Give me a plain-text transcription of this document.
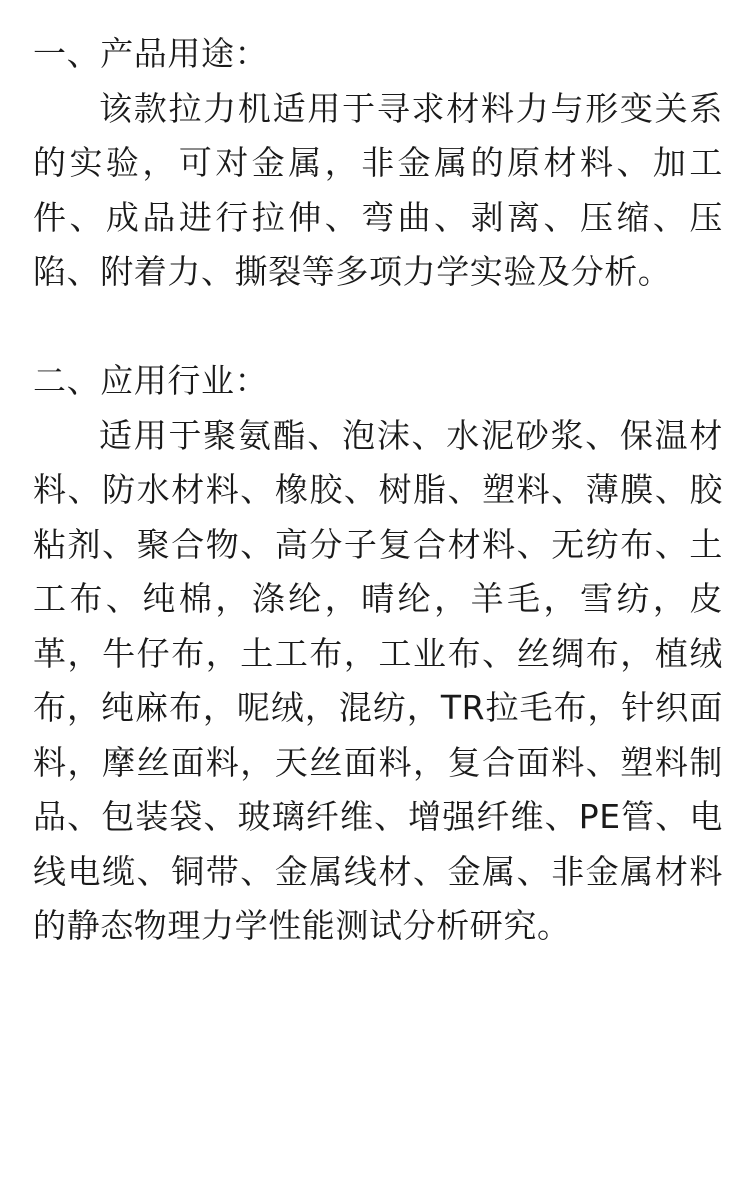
一、产品用途：

该款拉力机适用于寻求材料力与形变关系的实验，可对金属，非金属的原材料、加工件、成品进行拉伸、弯曲、剥离、压缩、压陷、附着力、撕裂等多项力学实验及分析。

二、应用行业：

适用于聚氨酯、泡沫、水泥砂浆、保温材料、防水材料、橡胶、树脂、塑料、薄膜、胶粘剂、聚合物、高分子复合材料、无纺布、土工布、纯棉，涤纶，晴纶，羊毛，雪纺，皮革，牛仔布，土工布，工业布、丝绸布，植绒布，纯麻布，呢绒，混纺，TR拉毛布，针织面料，摩丝面料，天丝面料，复合面料、塑料制品、包装袋、玻璃纤维、增强纤维、PE管、电线电缆、铜带、金属线材、金属、非金属材料的静态物理力学性能测试分析研究。
